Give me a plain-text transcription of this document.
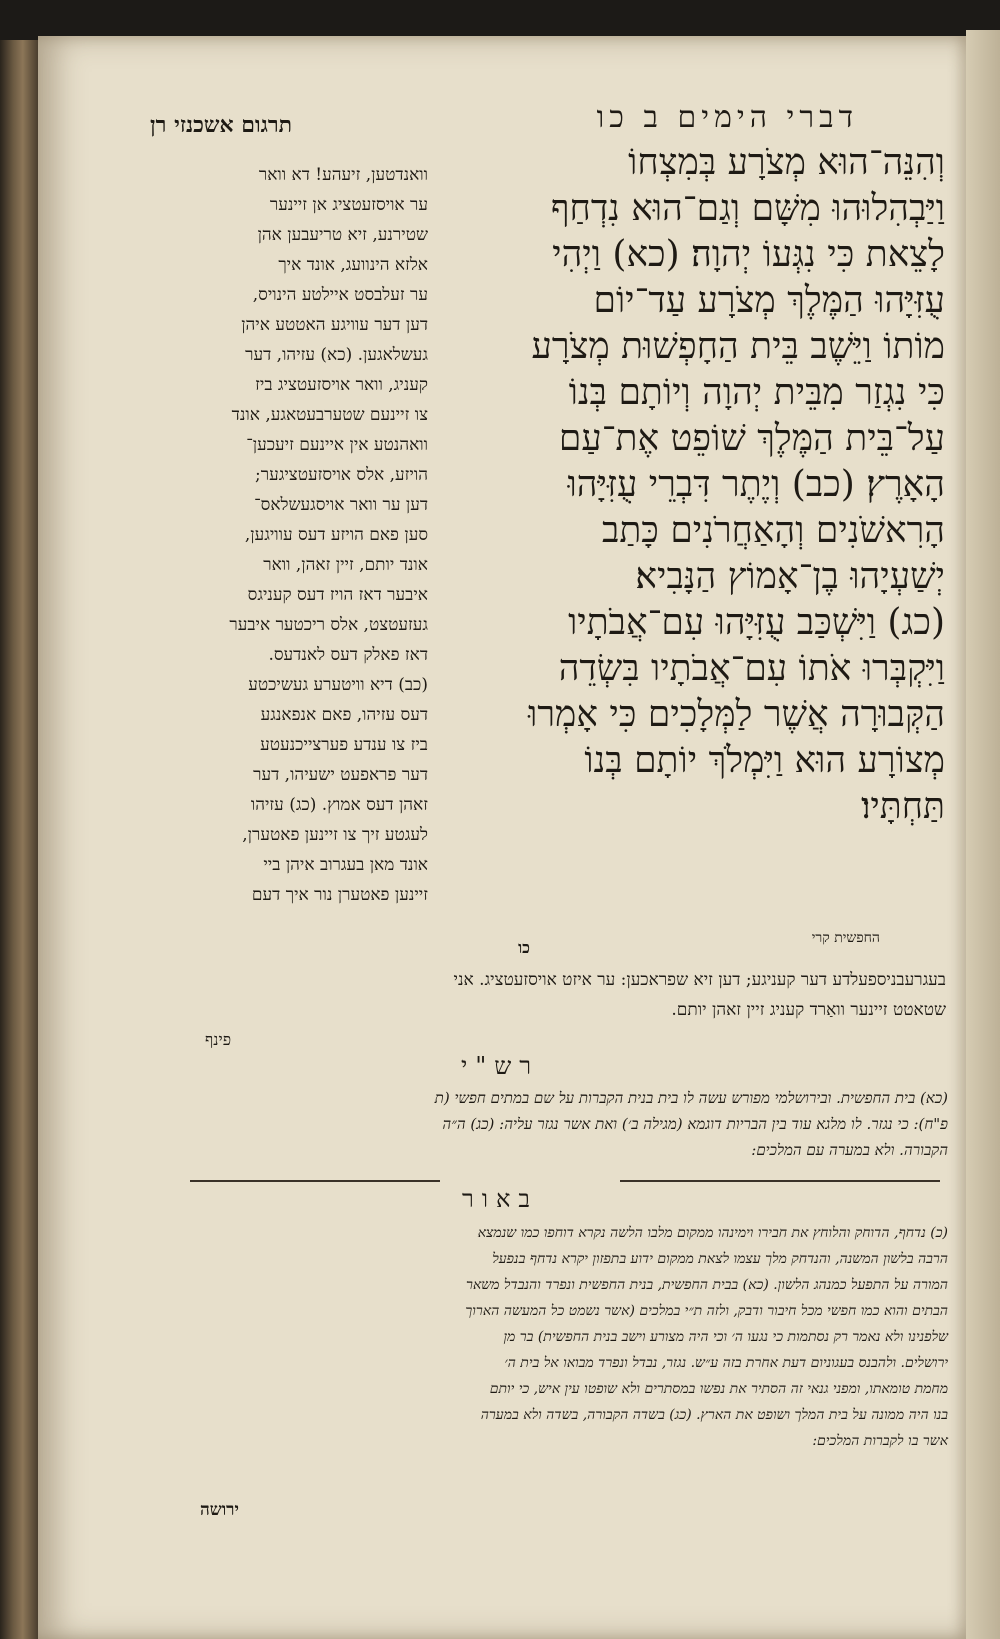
דברי הימים ב כו
תרגום אשכנזי רן

וְהִנֵּה־הוּא מְצֹרָע בְּמִצְחוֹ

וַיַּבְהִלוּהוּ מִשָּׁם וְגַם־הוּא נִדְחַף

לָצֵאת כִּי נִגְּעוֹ יְהוָה׃ (כא) וַיְהִי

עֻזִּיָּהוּ הַמֶּלֶךְ מְצֹרָע עַד־יוֹם

מוֹתוֹ וַיֵּשֶׁב בֵּית הַחָפְשׁוּת מְצֹרָע

כִּי נִגְזַר מִבֵּית יְהוָה וְיוֹתָם בְּנוֹ

עַל־בֵּית הַמֶּלֶךְ שׁוֹפֵט אֶת־עַם

הָאָרֶץ׃ (כב) וְיֶתֶר דִּבְרֵי עֻזִּיָּהוּ

הָרִאשֹׁנִים וְהָאַחֲרֹנִים כָּתַב

יְשַׁעְיָהוּ בֶן־אָמוֹץ הַנָּבִיא׃

(כג) וַיִּשְׁכַּב עֻזִּיָּהוּ עִם־אֲבֹתָיו

וַיִּקְבְּרוּ אֹתוֹ עִם־אֲבֹתָיו בִּשְׂדֵה

הַקְּבוּרָה אֲשֶׁר לַמְּלָכִים כִּי אָמְרוּ

מְצוֹרָע הוּא וַיִּמְלֹךְ יוֹתָם בְּנוֹ

תַּחְתָּיו׃

וואנדטען, זיעהע! דא וואר

ער אויסזעטציג אן זיינער

שטירנע, זיא טריעבען אהן

אלזא הינוועג, אונד איך

ער זעלבסט איילטע הינויס,

דען דער עוויגע האטטע איהן

געשלאגען. (כא) עזיהו, דער

קעניג, וואר אויסזעטציג ביז

צו זיינעם שטערבעטאגע, אונד

וואהנטע אין איינעם זיעכען־

הויזע, אלס אויסזעטציגער;

דען ער וואר אויסגעשלאס־

סען פאם הויזע דעס עוויגען,

אונד יותם, זיין זאהן, וואר

איבער דאז הויז דעס קעניגס

געזעטצט, אלס ריכטער איבער

דאז פאלק דעס לאנדעס.

(כב) דיא וויטערע געשיכטע

דעס עזיהו, פאם אנפאנגע

ביז צו ענדע פערצייכנעטע

דער פראפעט ישעיהו, דער

זאהן דעס אמוץ. (כג) עזיהו

לעגטע זיך צו זיינען פאטערן,

אונד מאן בעגרוב איהן ביי

זיינען פאטערן נור איך דעם

החפשית קרי
כו
בעגרעבניספעלדע דער קעניגע; דען זיא שפראכען: ער איזט אויסזעטציג. אני
שטאטט זיינער וואַרד קעניג זיין זאהן יותם.
פינף
רש"י

(כא) בית החפשית. ובירושלמי מפורש עשה לו בית בנית הקברות על שם במתים חפשי (ת

פ"ח): כי נגזר. לו מלגא עוד בין הבריות דוגמא (מגילה ב׳) ואת אשר נגזר עליה: (כג) ה״ה

הקבורה. ולא במערה עם המלכים:

באור

(כ) נדחף, הדוחק והלוחץ את חבירו וימינהו ממקום מלבו הלשה נקרא דוחפו כמו שנמצא

הרבה בלשון המשנה, והנדחק מלך עצמו לצאת ממקום ידוע בתפזון יקרא נדחף בנפעל

המורה על התפעל כמנהג הלשון. (כא) בבית החפשית, בנית החפשית ונפרד והנבדל משאר

הבתים והוא כמו חפשי מכל חיבור ודבק, ולזה ת״י במלכים (אשר נשמט כל המעשה הארוך

שלפנינו ולא נאמר רק נסתמות כי נגעו ה׳ וכי היה מצורע וישב בנית החפשית) בר מן

ירושלים. ולהבנס בעגוניום דעת אחרת בזה ע״ש. נגזר, נבדל ונפרד מבואו אל בית ה׳

מחמת טומאתו, ומפני גנאי זה הסתיר את נפשו במסתרים ולא שופטו עין איש, כי יותם

בנו היה ממונה על בית המלך ושופט את הארץ. (כג) בשדה הקבורה, בשדה ולא במערה

אשר בו לקברות המלכים:

ירושה
